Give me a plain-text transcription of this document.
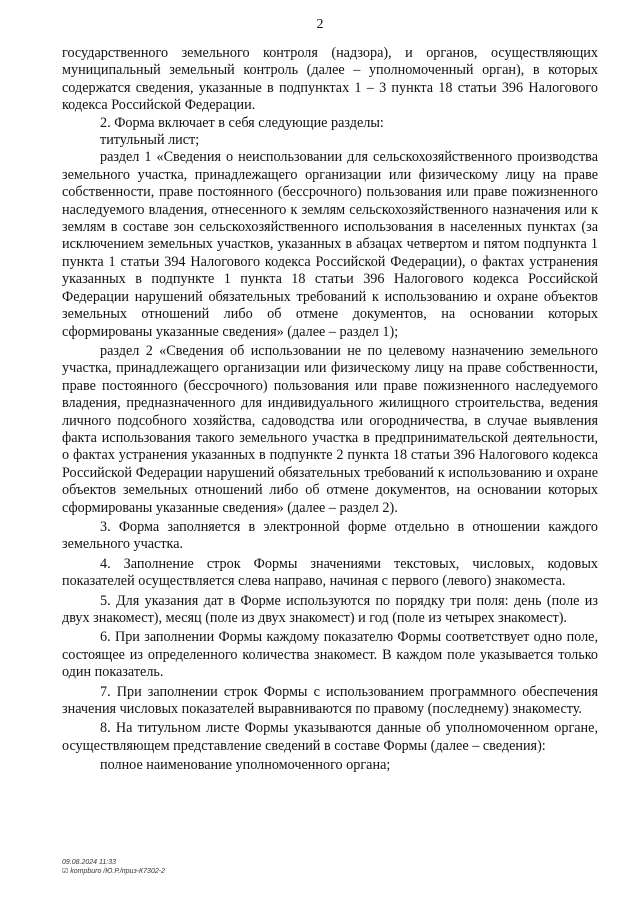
2

государственного земельного контроля (надзора), и органов, осуществляющих муниципальный земельный контроль (далее – уполномоченный орган), в которых содержатся сведения, указанные в подпунктах 1 – 3 пункта 18 статьи 396 Налогового кодекса Российской Федерации.

2. Форма включает в себя следующие разделы:

титульный лист;

раздел 1 «Сведения о неиспользовании для сельскохозяйственного производства земельного участка, принадлежащего организации или физическому лицу на праве собственности, праве постоянного (бессрочного) пользования или праве пожизненного наследуемого владения, отнесенного к землям сельскохозяйственного назначения или к землям в составе зон сельскохозяйственного использования в населенных пунктах (за исключением земельных участков, указанных в абзацах четвертом и пятом подпункта 1 пункта 1 статьи 394 Налогового кодекса Российской Федерации), о фактах устранения указанных в подпункте 1 пункта 18 статьи 396 Налогового кодекса Российской Федерации нарушений обязательных требований к использованию и охране объектов земельных отношений либо об отмене документов, на основании которых сформированы указанные сведения» (далее – раздел 1);

раздел 2 «Сведения об использовании не по целевому назначению земельного участка, принадлежащего организации или физическому лицу на праве собственности, праве постоянного (бессрочного) пользования или праве пожизненного наследуемого владения, предназначенного для индивидуального жилищного строительства, ведения личного подсобного хозяйства, садоводства или огородничества, в случае выявления факта использования такого земельного участка в предпринимательской деятельности, о фактах устранения указанных в подпункте 2 пункта 18 статьи 396 Налогового кодекса Российской Федерации нарушений обязательных требований к использованию и охране объектов земельных отношений либо об отмене документов, на основании которых сформированы указанные сведения» (далее – раздел 2).

3. Форма заполняется в электронной форме отдельно в отношении каждого земельного участка.

4. Заполнение строк Формы значениями текстовых, числовых, кодовых показателей осуществляется слева направо, начиная с первого (левого) знакоместа.

5. Для указания дат в Форме используются по порядку три поля: день (поле из двух знакомест), месяц (поле из двух знакомест) и год (поле из четырех знакомест).

6. При заполнении Формы каждому показателю Формы соответствует одно поле, состоящее из определенного количества знакомест. В каждом поле указывается только один показатель.

7. При заполнении строк Формы с использованием программного обеспечения значения числовых показателей выравниваются по правому (последнему) знакоместу.

8. На титульном листе Формы указываются данные об уполномоченном органе, осуществляющем представление сведений в составе Формы (далее – сведения):

полное наименование уполномоченного органа;

09.08.2024 11:33
☑ kompburo /Ю.Р./приз-К7302-2
